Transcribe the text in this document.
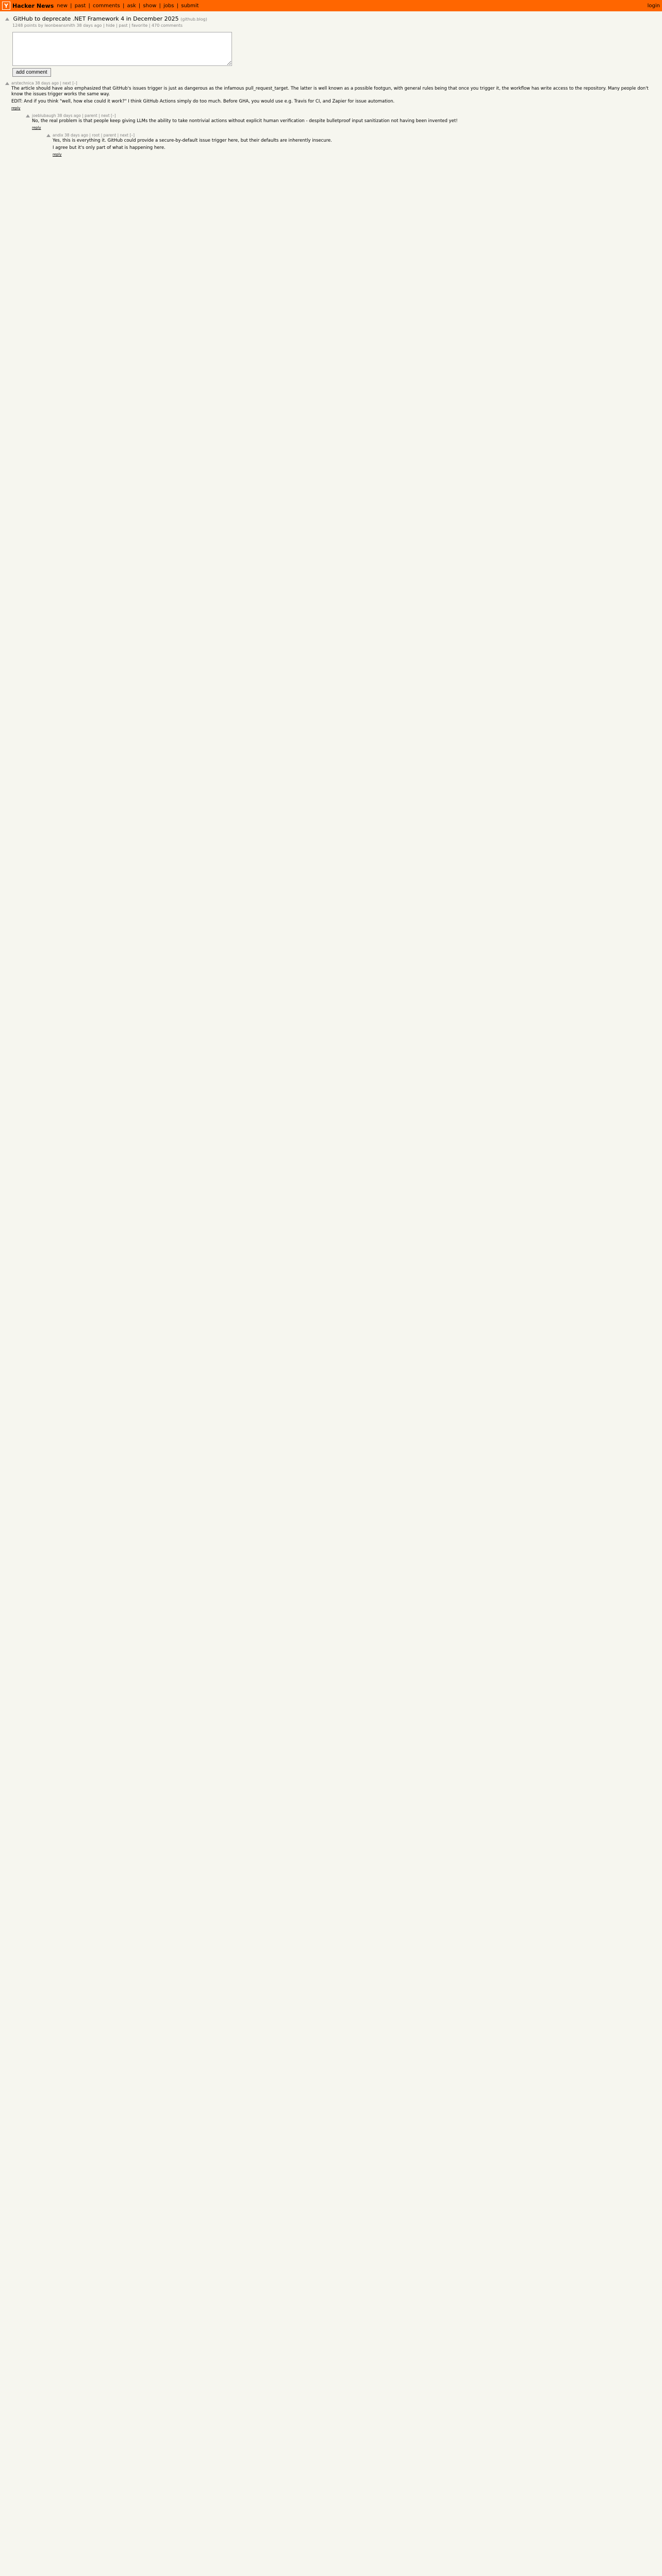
Y Hacker News new | past | comments | ask | show | jobs | submit	login
GitHub to deprecate .NET Framework 4 in December 2025 (github.blog)
1248 points by leonbeansmith 38 days ago | hide | past | favorite | 470 comments
add comment
arstechnica 38 days ago | next [–]

The article should have also emphasized that GitHub's issues trigger is just as dangerous as the infamous pull_request_target. The latter is well known as a possible footgun, with general rules being that once you trigger it, the workflow has write access to the repository. Many people don't know the issues trigger works the same way.

EDIT: And if you think "well, how else could it work?" I think GitHub Actions simply do too much. Before GHA, you would use e.g. Travis for CI, and Zapier for issue automation.

reply
joeblubaugh 38 days ago | parent | next [–]

No, the real problem is that people keep giving LLMs the ability to take nontrivial actions without explicit human verification - despite bulletproof input sanitization not having been invented yet!

reply
andix 38 days ago | root | parent | next [–]

Yes, this is everything it. GitHub could provide a secure-by-default issue trigger here, but their defaults are inherently insecure.

I agree but it's only part of what is happening here.

reply
